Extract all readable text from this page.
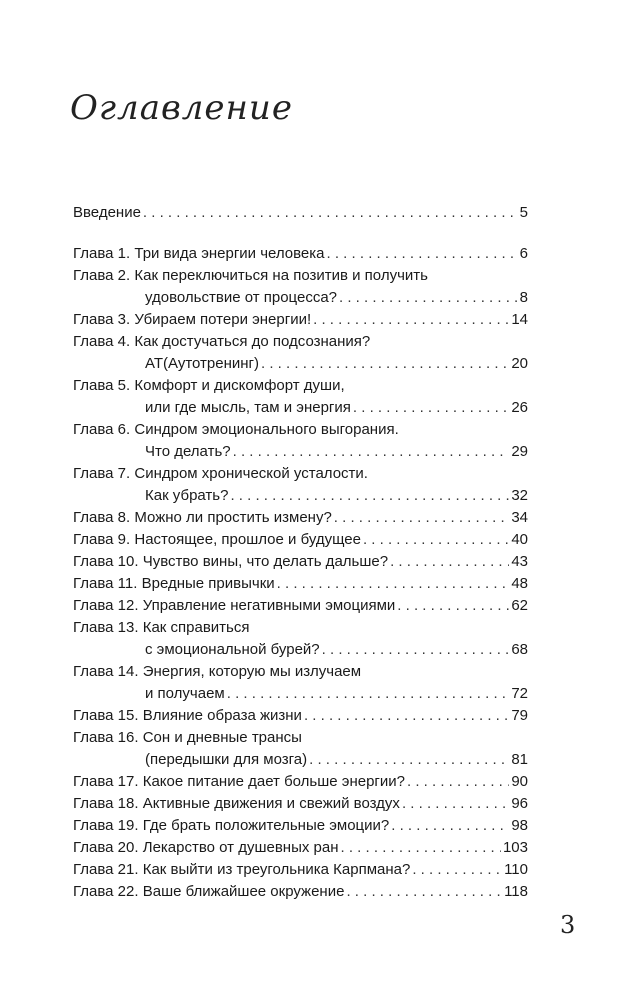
Оглавление
Введение . . .	5
Глава 1.
Три вида энергии человека . . .	6
Глава 2.
Как переключиться на позитив и получить
удовольствие от процесса? . . .	8
Глава 3.
Убираем потери энергии! . . .	14
Глава 4.
Как достучаться до подсознания?
АТ(Аутотренинг) . . .	20
Глава 5.
Комфорт и дискомфорт души,
или где мысль, там и энергия . . .	26
Глава 6.
Синдром эмоционального выгорания.
Что делать? . . .	29
Глава 7.
Синдром хронической усталости.
Как убрать? . . .	32
Глава 8.
Можно ли простить измену? . . .	34
Глава 9.
Настоящее, прошлое и будущее . . .	40
Глава 10.
Чувство вины, что делать дальше? . . .	43
Глава 11.
Вредные привычки . . .	48
Глава 12.
Управление негативными эмоциями . . .	62
Глава 13.
Как справиться
с эмоциональной бурей? . . .	68
Глава 14.
Энергия, которую мы излучаем
и получаем . . .	72
Глава 15.
Влияние образа жизни . . .	79
Глава 16.
Сон и дневные трансы
(передышки для мозга) . . .	81
Глава 17.
Какое питание дает больше энергии? . . .	90
Глава 18.
Активные движения и свежий воздух . . .	96
Глава 19.
Где брать положительные эмоции? . . .	98
Глава 20.
Лекарство от душевных ран . . .	103
Глава 21.
Как выйти из треугольника Карпмана? . . .	110
Глава 22.
Ваше ближайшее окружение . . .	118
3
